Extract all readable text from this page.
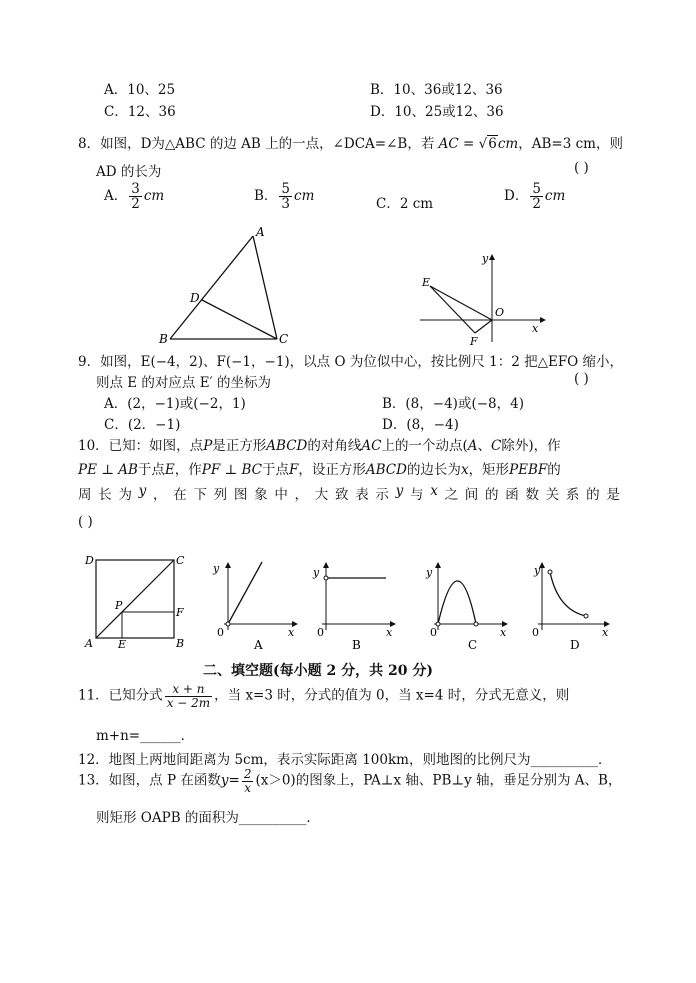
A．10、25	B．10、36或12、36
C．12、36	D．10、25或12、36
8．如图，D为△ABC 的边 AB 上的一点，∠DCA=∠B，若 AC = √6cm，AB=3 cm，则
AD 的长为	( )
A． $\frac{3}{2}$ cm	B． $\frac{5}{3}$ cm	C．2 cm	D． $\frac{5}{2}$ cm
A
B	C
D
E
F
O
x
y
9．如图，E(−4，2)、F(−1，−1)，以点 O 为位似中心，按比例尺 1：2 把△EFO 缩小，
则点 E 的对应点 E′ 的坐标为	( )
A．(2，−1)或(−2，1)	B．(8，−4)或(−8，4)
C．(2．−1)	D．(8，−4)
10．已知：如图，点P是正方形ABCD的对角线AC上的一个动点(A、C除外)，作
PE ⊥ AB于点E，作PF ⊥ BC于点F，设正方形ABCD的边长为x，矩形PEBF的
周 长 为 y ， 在 下 列 图 象 中 ， 大 致 表 示 y 与 x 之 间 的 函 数 关 系 的 是
( )
D	C
A	B
P
E
F
y
0	x
A
y
0	x
B
y
0	x
C
y
0	x
D
二、填空题(每小题 2 分，共 20 分)
11．已知分式 $\frac{x + n}{x - 2m}$ ，当 x=3 时，分式的值为 0，当 x=4 时，分式无意义，则
m+n=______．
12．地图上两地间距离为 5cm，表示实际距离 100km，则地图的比例尺为__________．
13．如图，点 P 在函数$y= \frac{2}{x} (x>0)$的图象上，PA⊥x 轴、PB⊥y 轴，垂足分别为 A、B，
则矩形 OAPB 的面积为__________．
